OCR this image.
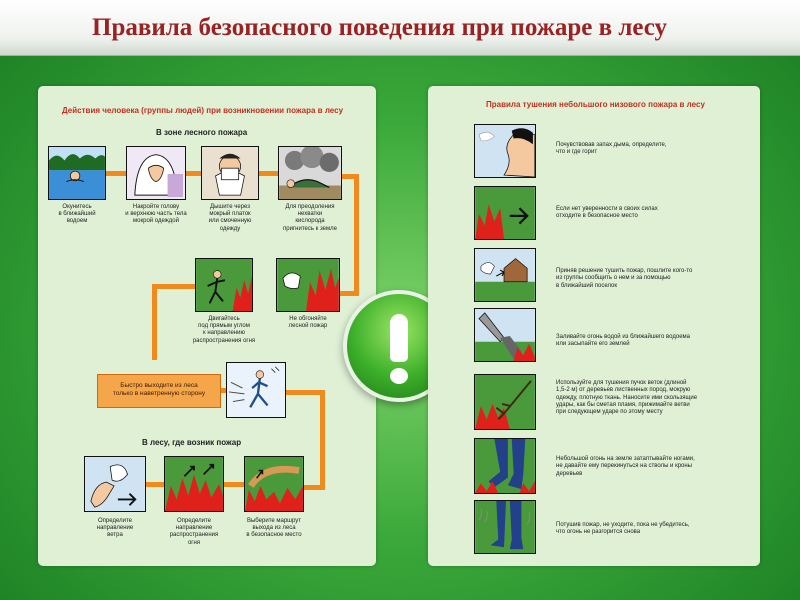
Правила безопасного поведения при пожаре в лесу
Действия человека (группы людей) при возникновении пожара в лесу
В зоне лесного пожара
Окунитесь
в ближайший
водоем
Накройте голову
и верхнюю часть тела
мокрой одеждой
Дышите через
мокрый платок
или смоченную
одежду
Для преодоления
нехватки
кислорода
пригнитесь к земле
Двигайтесь
под прямым углом
к направлению
распространения огня
Не обгоняйте
лесной пожар
Быстро выходите из леса
только в наветренную сторону
В лесу, где возник пожар
Определите
направление
ветра
Определите
направление
распространения
огня
Выберите маршрут
выхода из леса
в безопасное место
Правила тушения небольшого низового пожара в лесу
Почувствовав запах дыма, определите,
что и где горит
Если нет уверенности в своих силах
отходите в безопасное место
Приняв решение тушить пожар, пошлите кого-то
из группы сообщить о нем и за помощью
в ближайший поселок
Заливайте огонь водой из ближайшего водоема
или засыпайте его землей
Используйте для тушения пучок веток (длиной
1,5-2 м) от деревьев лиственных пород, мокрую
одежду, плотную ткань. Наносите ими скользящие
удары, как бы сметая пламя, прижимайте ветви
при следующем ударе по этому месту
Небольшой огонь на земле затаптывайте ногами,
не давайте ему перекинуться на стволы и кроны
деревьев
Потушив пожар, не уходите, пока не убедитесь,
что огонь не разгорится снова
